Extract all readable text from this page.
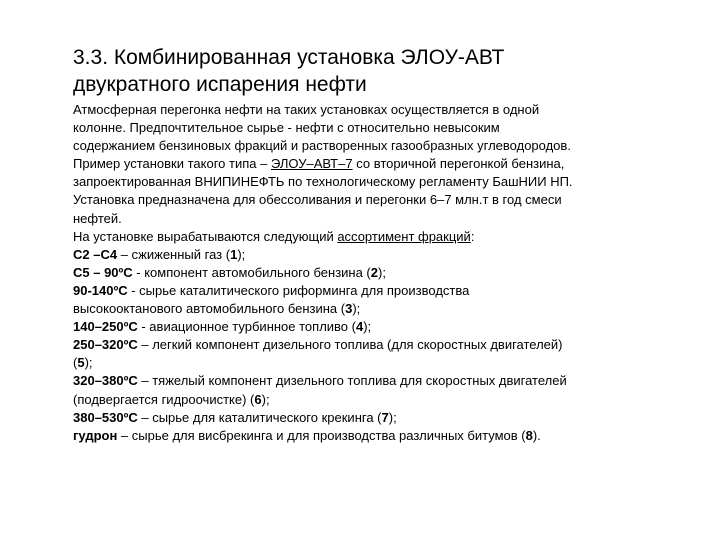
3.3. Комбинированная установка ЭЛОУ-АВТ
двукратного испарения нефти
Атмосферная перегонка нефти на таких установках осуществляется в одной
колонне. Предпочтительное сырье - нефти с относительно невысоким
содержанием бензиновых фракций и растворенных газообразных углеводородов.
Пример установки такого типа – ЭЛОУ–АВТ–7 со вторичной перегонкой бензина,
запроектированная ВНИПИНЕФТЬ по технологическому регламенту БашНИИ НП.
Установка предназначена для обессоливания и перегонки 6–7 млн.т в год смеси
нефтей.
На установке вырабатываются следующий ассортимент фракций:
С2 –С4 – сжиженный газ (1);
С5 – 90ºС - компонент автомобильного бензина (2);
90-140ºС - сырье каталитического риформинга для производства
высокооктанового автомобильного бензина (3);
140–250ºС - авиационное турбинное топливо (4);
250–320ºС – легкий компонент дизельного топлива (для скоростных двигателей)
(5);
320–380ºС – тяжелый компонент дизельного топлива для скоростных двигателей
(подвергается гидроочистке) (6);
380–530ºС – сырье для каталитического крекинга (7);
гудрон – сырье для висбрекинга и для производства различных битумов (8).
